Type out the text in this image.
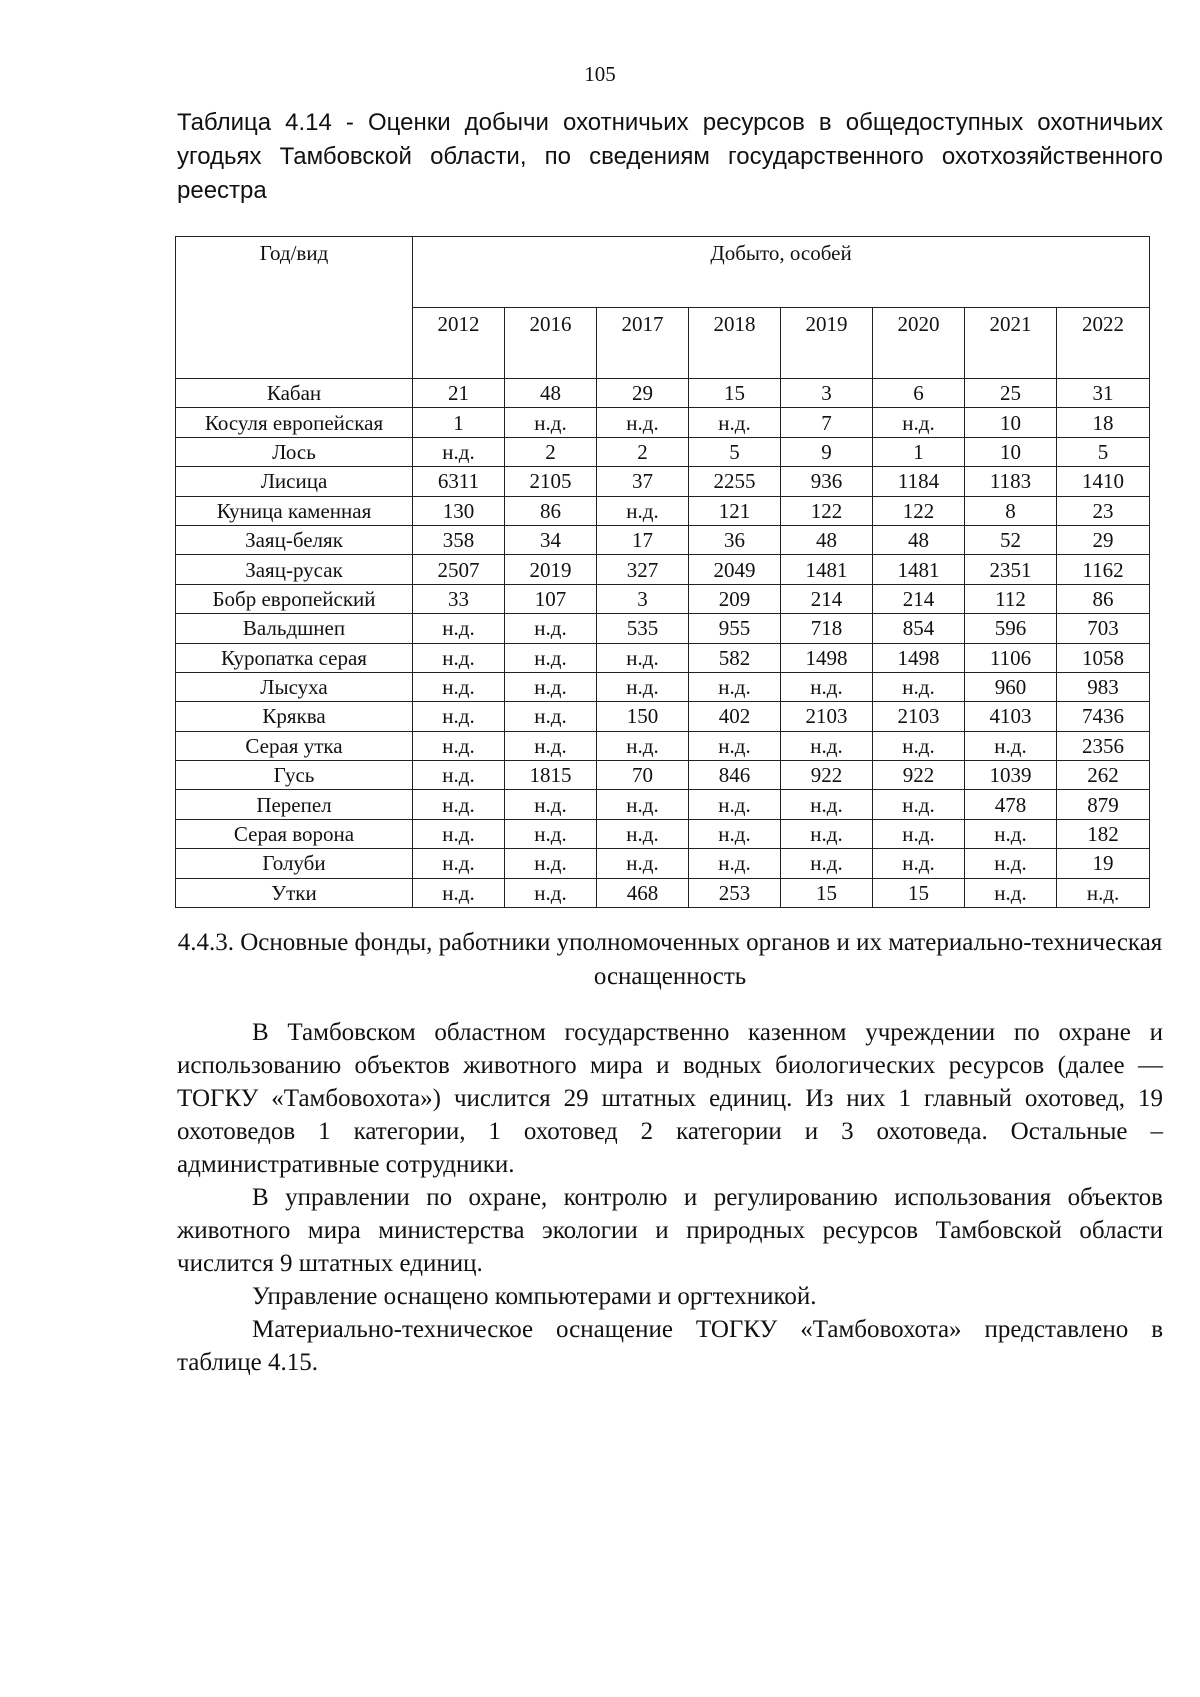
105
Таблица 4.14 - Оценки добычи охотничьих ресурсов в общедоступных охотничьих угодьях Тамбовской области, по сведениям государственного охотхозяйственного реестра
Год/вид	Добыто, особей							
	2012	2016	2017	2018	2019	2020	2021	2022
Кабан	21	48	29	15	3	6	25	31
Косуля европейская	1	н.д.	н.д.	н.д.	7	н.д.	10	18
Лось	н.д.	2	2	5	9	1	10	5
Лисица	6311	2105	37	2255	936	1184	1183	1410
Куница каменная	130	86	н.д.	121	122	122	8	23
Заяц-беляк	358	34	17	36	48	48	52	29
Заяц-русак	2507	2019	327	2049	1481	1481	2351	1162
Бобр европейский	33	107	3	209	214	214	112	86
Вальдшнеп	н.д.	н.д.	535	955	718	854	596	703
Куропатка серая	н.д.	н.д.	н.д.	582	1498	1498	1106	1058
Лысуха	н.д.	н.д.	н.д.	н.д.	н.д.	н.д.	960	983
Кряква	н.д.	н.д.	150	402	2103	2103	4103	7436
Серая утка	н.д.	н.д.	н.д.	н.д.	н.д.	н.д.	н.д.	2356
Гусь	н.д.	1815	70	846	922	922	1039	262
Перепел	н.д.	н.д.	н.д.	н.д.	н.д.	н.д.	478	879
Серая ворона	н.д.	н.д.	н.д.	н.д.	н.д.	н.д.	н.д.	182
Голуби	н.д.	н.д.	н.д.	н.д.	н.д.	н.д.	н.д.	19
Утки	н.д.	н.д.	468	253	15	15	н.д.	н.д.
4.4.3. Основные фонды, работники уполномоченных органов и их материально-техническая оснащенность

В Тамбовском областном государственно казенном учреждении по охране и использованию объектов животного мира и водных биологических ресурсов (далее — ТОГКУ «Тамбовохота») числится 29 штатных единиц. Из них 1 главный охотовед, 19 охотоведов 1 категории, 1 охотовед 2 категории и 3 охотоведа. Остальные – административные сотрудники.

В управлении по охране, контролю и регулированию использования объектов животного мира министерства экологии и природных ресурсов Тамбовской области числится 9 штатных единиц.

Управление оснащено компьютерами и оргтехникой.

Материально-техническое оснащение ТОГКУ «Тамбовохота» представлено в таблице 4.15.
